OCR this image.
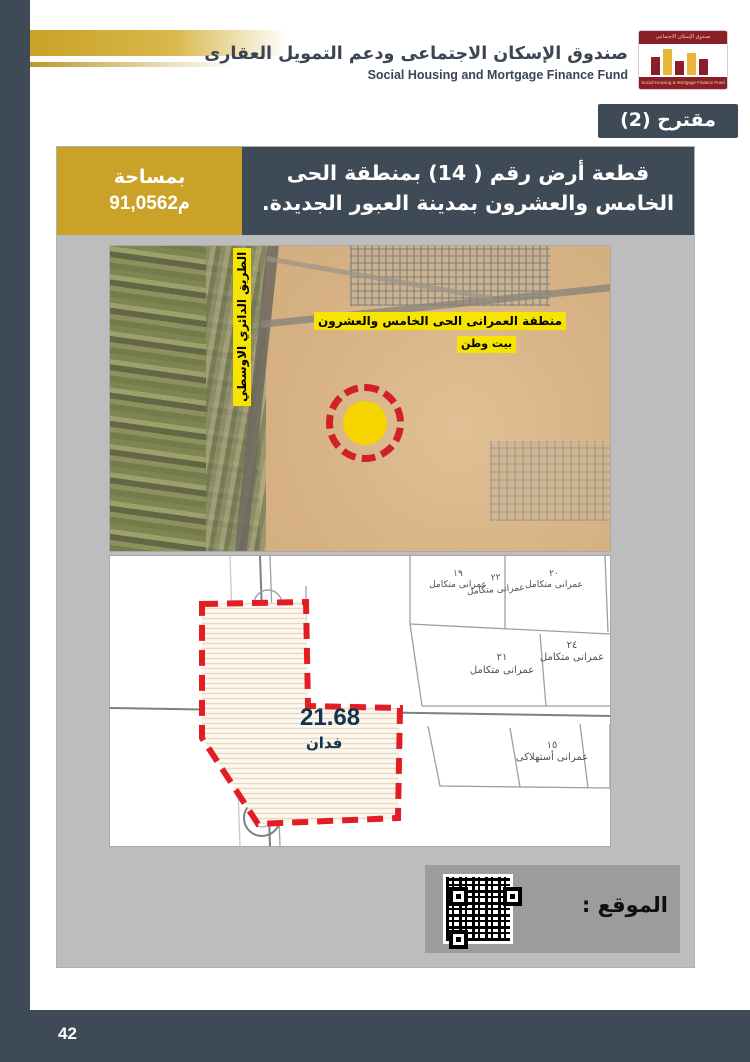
صندوق الإسكان الاجتماعى ودعم التمويل العقارى
Social Housing and Mortgage Finance Fund
صندوق الإسكان الاجتماعي
Social Housing & Mortgage Finance Fund
مقترح (2)
قطعة أرض رقم ( 14) بمنطقة الحى الخامس والعشرون بمدينة العبور الجديدة.
بمساحة
91,056م2
منطقة العمرانى الحى الخامس والعشرون
بيت وطن
الطريق الدائري الاوسطي
١٩
عمرانى متكامل
٢٠
عمرانى متكامل
٢٢
عمرانى متكامل
٢١
عمرانى متكامل
٢٤
عمرانى متكامل
١٥
عمرانى أستهلاكى
21.68
فدان
الموقع :
42
